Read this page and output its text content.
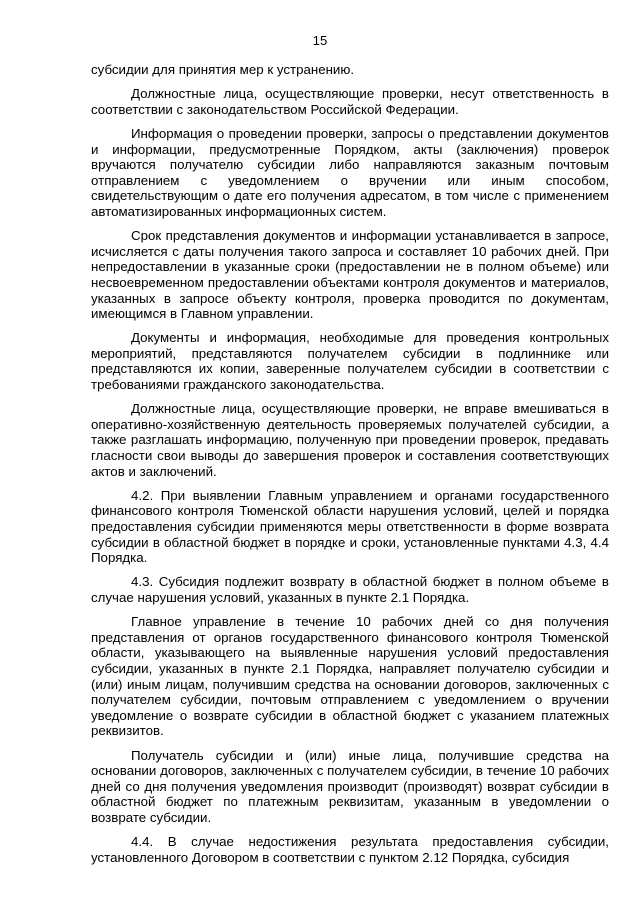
15

субсидии для принятия мер к устранению.

Должностные лица, осуществляющие проверки, несут ответственность в соответствии с законодательством Российской Федерации.

Информация о проведении проверки, запросы о представлении документов и информации, предусмотренные Порядком, акты (заключения) проверок вручаются получателю субсидии либо направляются заказным почтовым отправлением с уведомлением о вручении или иным способом, свидетельствующим о дате его получения адресатом, в том числе с применением автоматизированных информационных систем.

Срок представления документов и информации устанавливается в запросе, исчисляется с даты получения такого запроса и составляет 10 рабочих дней. При непредоставлении в указанные сроки (предоставлении не в полном объеме) или несвоевременном предоставлении объектами контроля документов и материалов, указанных в запросе объекту контроля, проверка проводится по документам, имеющимся в Главном управлении.

Документы и информация, необходимые для проведения контрольных мероприятий, представляются получателем субсидии в подлиннике или представляются их копии, заверенные получателем субсидии в соответствии с требованиями гражданского законодательства.

Должностные лица, осуществляющие проверки, не вправе вмешиваться в оперативно-хозяйственную деятельность проверяемых получателей субсидии, а также разглашать информацию, полученную при проведении проверок, предавать гласности свои выводы до завершения проверок и составления соответствующих актов и заключений.

4.2. При выявлении Главным управлением и органами государственного финансового контроля Тюменской области нарушения условий, целей и порядка предоставления субсидии применяются меры ответственности в форме возврата субсидии в областной бюджет в порядке и сроки, установленные пунктами 4.3, 4.4 Порядка.

4.3. Субсидия подлежит возврату в областной бюджет в полном объеме в случае нарушения условий, указанных в пункте 2.1 Порядка.

Главное управление в течение 10 рабочих дней со дня получения представления от органов государственного финансового контроля Тюменской области, указывающего на выявленные нарушения условий предоставления субсидии, указанных в пункте 2.1 Порядка, направляет получателю субсидии и (или) иным лицам, получившим средства на основании договоров, заключенных с получателем субсидии, почтовым отправлением с уведомлением о вручении уведомление о возврате субсидии в областной бюджет с указанием платежных реквизитов.

Получатель субсидии и (или) иные лица, получившие средства на основании договоров, заключенных с получателем субсидии, в течение 10 рабочих дней со дня получения уведомления производит (производят) возврат субсидии в областной бюджет по платежным реквизитам, указанным в уведомлении о возврате субсидии.

4.4. В случае недостижения результата предоставления субсидии, установленного Договором в соответствии с пунктом 2.12 Порядка, субсидия
